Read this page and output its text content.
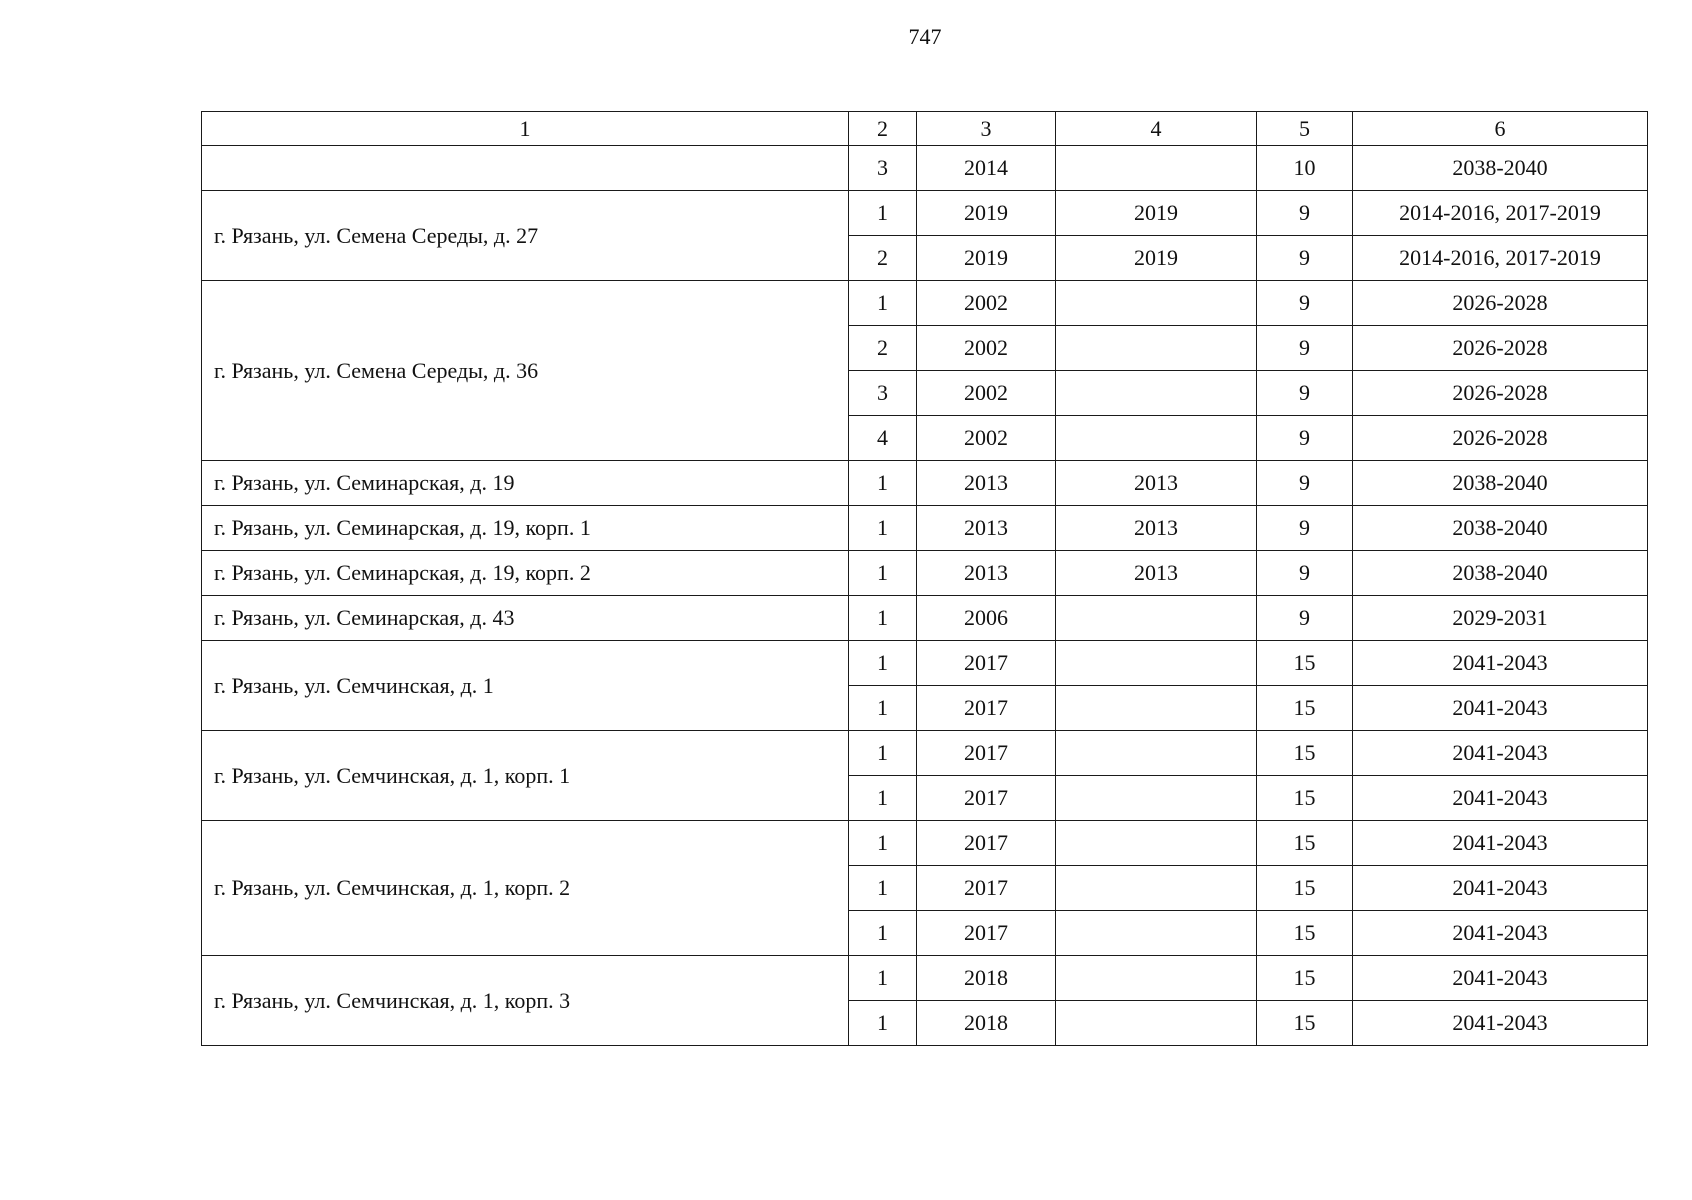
747
1	2	3	4	5	6
	3	2014		10	2038-2040
г. Рязань, ул. Семена Середы, д. 27	1	2019	2019	9	2014-2016, 2017-2019
	2	2019	2019	9	2014-2016, 2017-2019
г. Рязань, ул. Семена Середы, д. 36	1	2002		9	2026-2028
	2	2002		9	2026-2028
	3	2002		9	2026-2028
	4	2002		9	2026-2028
г. Рязань, ул. Семинарская, д. 19	1	2013	2013	9	2038-2040
г. Рязань, ул. Семинарская, д. 19, корп. 1	1	2013	2013	9	2038-2040
г. Рязань, ул. Семинарская, д. 19, корп. 2	1	2013	2013	9	2038-2040
г. Рязань, ул. Семинарская, д. 43	1	2006		9	2029-2031
г. Рязань, ул. Семчинская, д. 1	1	2017		15	2041-2043
	1	2017		15	2041-2043
г. Рязань, ул. Семчинская, д. 1, корп. 1	1	2017		15	2041-2043
	1	2017		15	2041-2043
г. Рязань, ул. Семчинская, д. 1, корп. 2	1	2017		15	2041-2043
	1	2017		15	2041-2043
	1	2017		15	2041-2043
г. Рязань, ул. Семчинская, д. 1, корп. 3	1	2018		15	2041-2043
	1	2018		15	2041-2043
